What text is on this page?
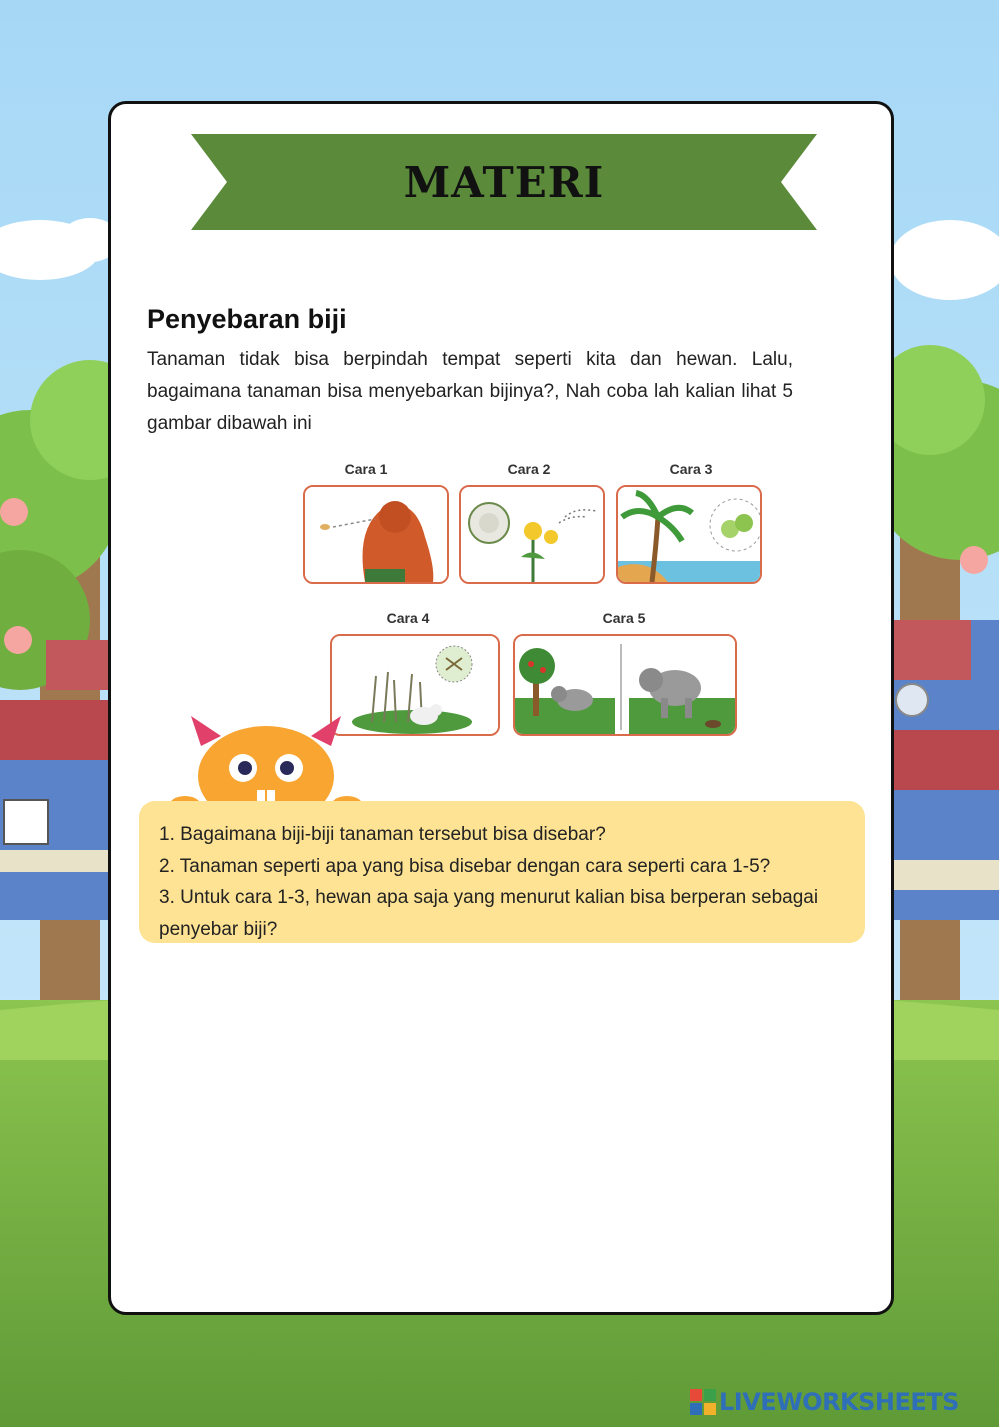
MATERI
Penyebaran biji
Tanaman tidak bisa berpindah tempat seperti kita dan hewan. Lalu, bagaimana tanaman bisa menyebarkan bijinya?, Nah coba lah kalian lihat 5 gambar dibawah ini
Cara 1	Cara 2	Cara 3
Cara 4	Cara 5
1. Bagaimana biji-biji tanaman tersebut bisa disebar?
2. Tanaman seperti apa yang bisa disebar dengan cara seperti cara 1-5?
3. Untuk cara 1-3, hewan apa saja yang menurut kalian bisa berperan sebagai penyebar biji?
LIVEWORKSHEETS
